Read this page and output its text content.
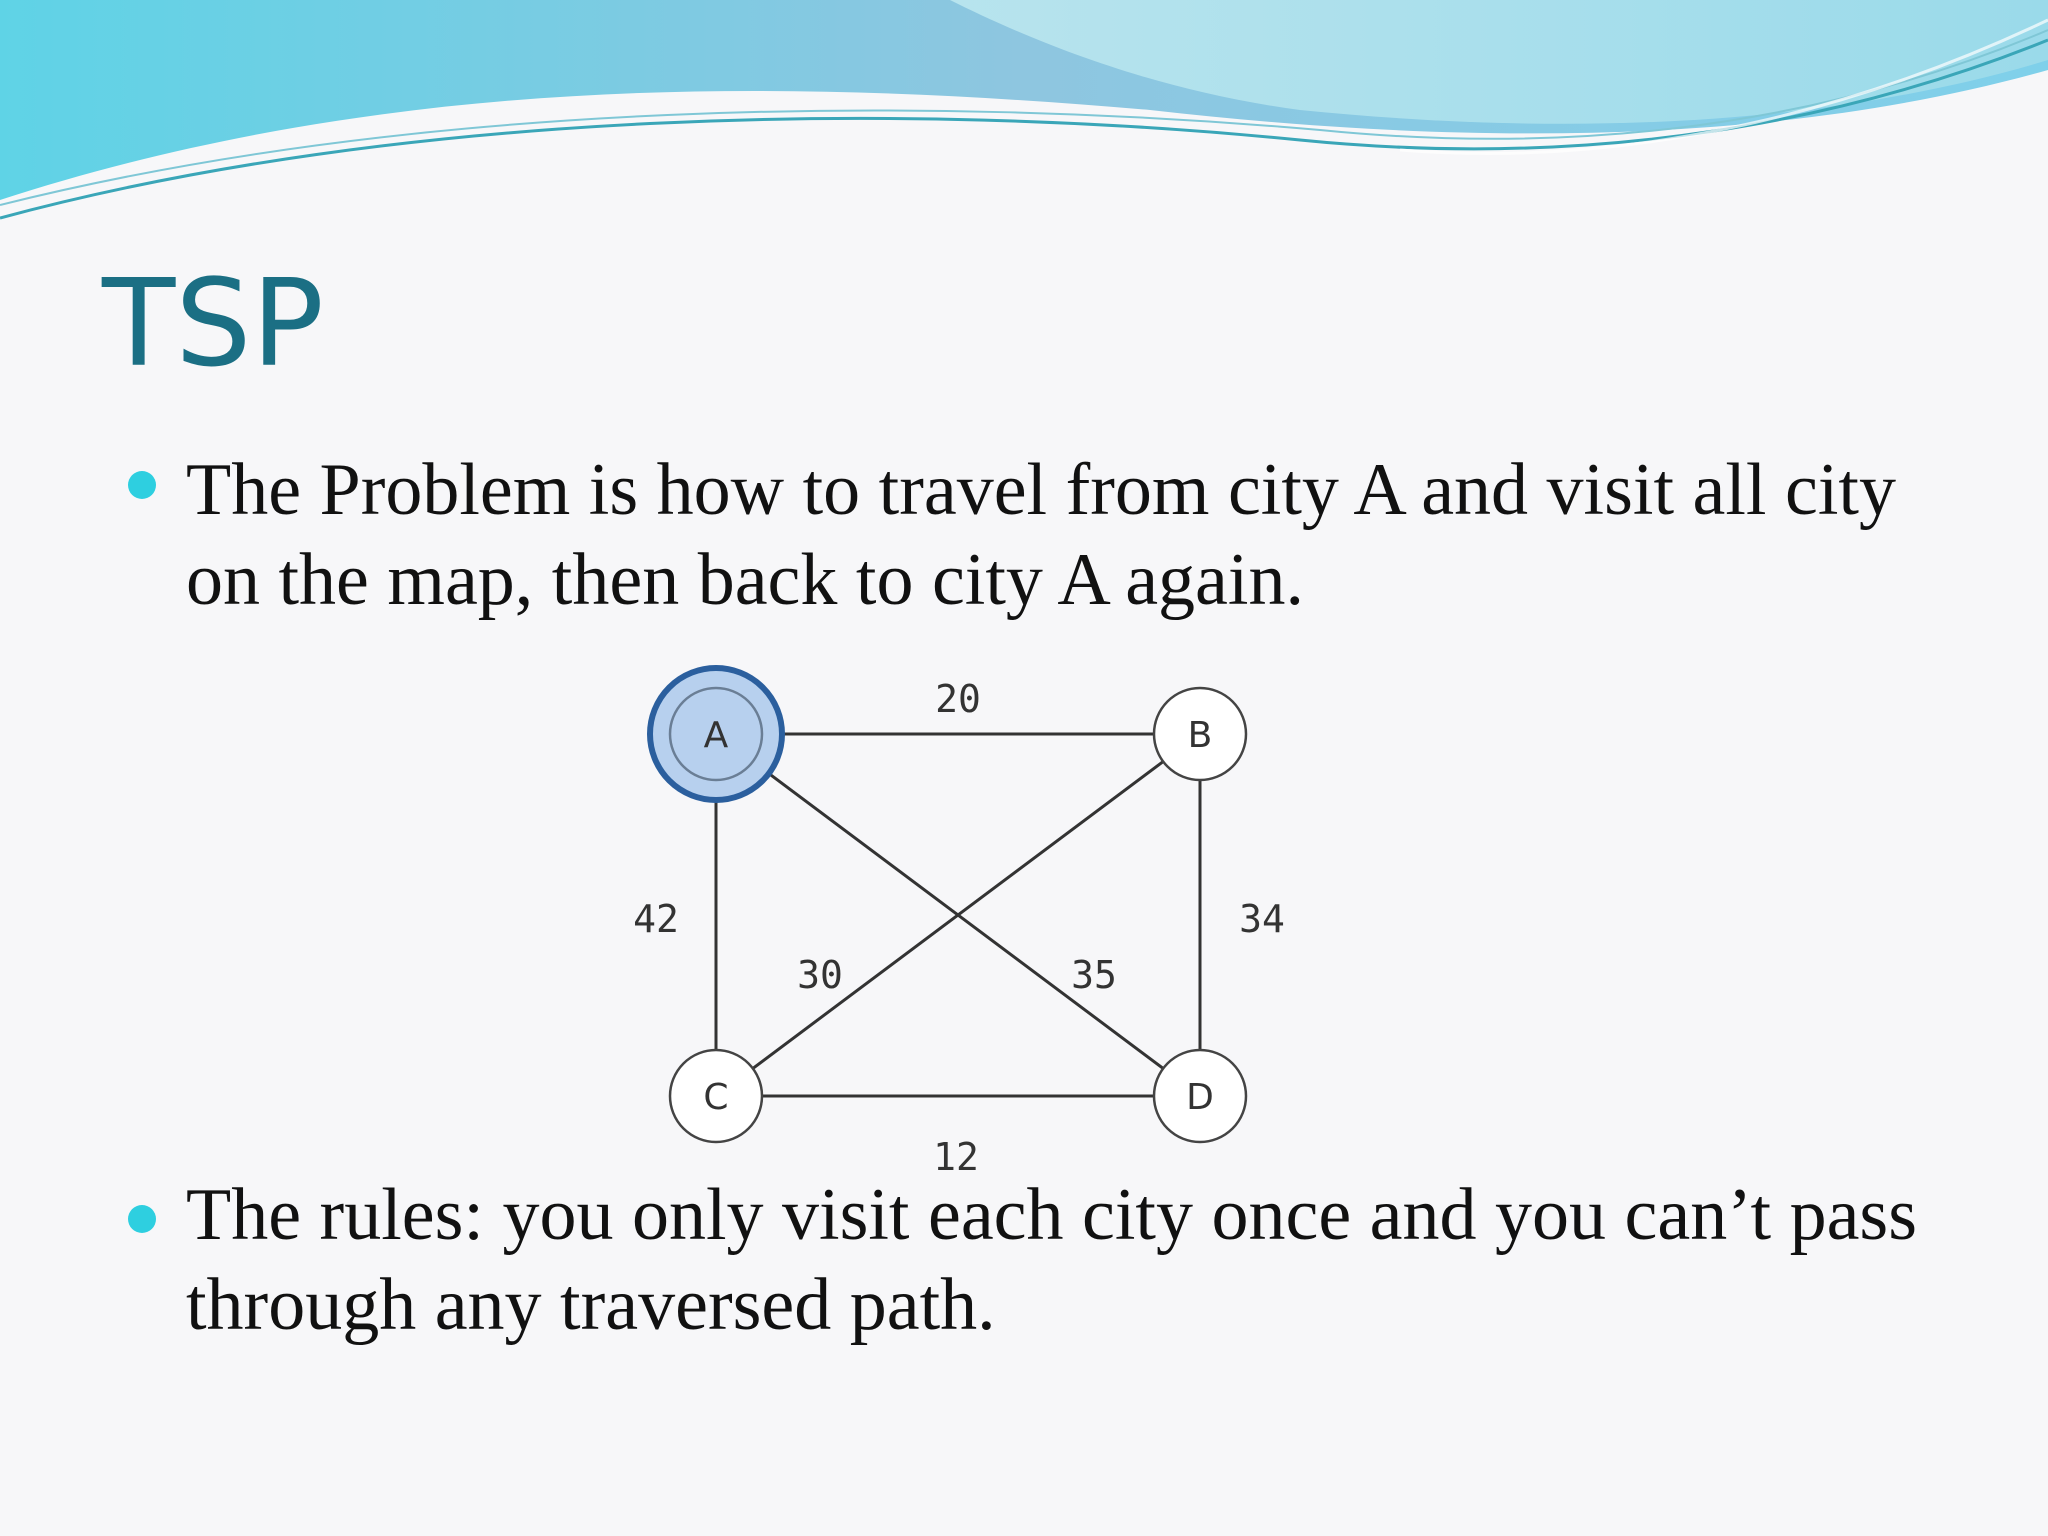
TSP
The Problem is how to travel from city A and visit all city on the map, then back to city A again.
20
42	34
30	35
12
A	B
C	D
The rules: you only visit each city once and you can’t pass through any traversed path.
